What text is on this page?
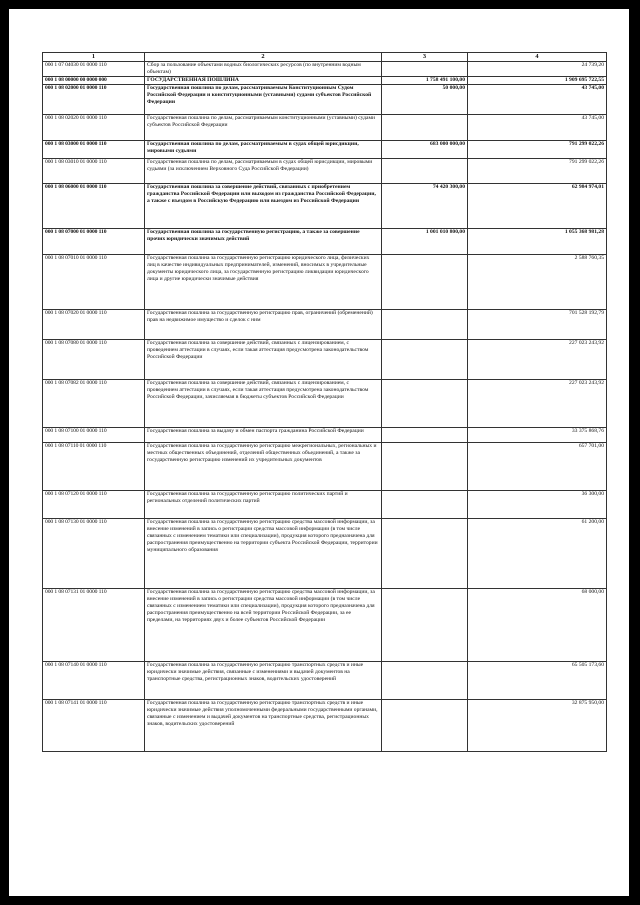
1	2	3	4
000 1 07 04030 01 0000 110	Сбор за пользование объектами водных биологических ресурсов (по внутренним водным объектам)		24 739,20
000 1 08 00000 00 0000 000	ГОСУДАРСТВЕННАЯ ПОШЛИНА	1 758 491 100,00	1 909 695 722,55
000 1 08 02000 01 0000 110	Государственная пошлина по делам, рассматриваемым Конституционным Судом Российской Федерации и конституционными (уставными) судами субъектов Российской Федерации	50 000,00	43 745,00
000 1 08 02020 01 0000 110	Государственная пошлина по делам, рассматриваемым конституционными (уставными) судами субъектов Российской Федерации		43 745,00
000 1 08 03000 01 0000 110	Государственная пошлина по делам, рассматриваемым в судах общей юрисдикции, мировыми судьями	683 000 000,00	791 299 022,26
000 1 08 03010 01 0000 110	Государственная пошлина по делам, рассматриваемым в судах общей юрисдикции, мировыми судьями (за исключением Верховного Суда Российской Федерации)		791 299 022,26
000 1 08 06000 01 0000 110	Государственная пошлина за совершение действий, связанных с приобретением гражданства Российской Федерации или выходом из гражданства Российской Федерации, а также с въездом в Российскую Федерацию или выездом из Российской Федерации	74 420 300,00	62 984 974,01
000 1 08 07000 01 0000 110	Государственная пошлина за государственную регистрацию, а также за совершение прочих юридически значимых действий	1 001 010 800,00	1 055 368 981,28
000 1 08 07010 01 0000 110	Государственная пошлина за государственную регистрацию юридического лица, физических лиц в качестве индивидуальных предпринимателей, изменений, вносимых в учредительные документы юридического лица, за государственную регистрацию ликвидации юридического лица и другие юридически значимые действия		2 588 760,35
000 1 08 07020 01 0000 110	Государственная пошлина за государственную регистрацию прав, ограничений (обременений) прав на недвижимое имущество и сделок с ним		701 528 192,79
000 1 08 07080 01 0000 110	Государственная пошлина за совершение действий, связанных с лицензированием, с проведением аттестации в случаях, если такая аттестация предусмотрена законодательством Российской Федерации		227 023 243,92
000 1 08 07082 01 0000 110	Государственная пошлина за совершение действий, связанных с лицензированием, с проведением аттестации в случаях, если такая аттестация предусмотрена законодательством Российской Федерации, зачисляемая в бюджеты субъектов Российской Федерации		227 023 243,92
000 1 08 07100 01 0000 110	Государственная пошлина за выдачу и обмен паспорта гражданина Российской Федерации		33 375 868,76
000 1 08 07110 01 0000 110	Государственная пошлина за государственную регистрацию межрегиональных, региональных и местных общественных объединений, отделений общественных объединений, а также за государственную регистрацию изменений их учредительных документов		657 701,00
000 1 08 07120 01 0000 110	Государственная пошлина за государственную регистрацию политических партий и региональных отделений политических партий		36 300,00
000 1 08 07130 01 0000 110	Государственная пошлина за государственную регистрацию средства массовой информации, за внесение изменений в запись о регистрации средства массовой информации (в том числе связанных с изменением тематики или специализации), продукция которого предназначена для распространения преимущественно на территории субъекта Российской Федерации, территории муниципального образования		61 200,00
000 1 08 07131 01 0000 110	Государственная пошлина за государственную регистрацию средства массовой информации, за внесение изменений в запись о регистрации средства массовой информации (в том числе связанных с изменением тематики или специализации), продукция которого предназначена для распространения преимущественно на всей территории Российской Федерации, за ее пределами, на территориях двух и более субъектов Российской Федерации		68 000,00
000 1 08 07140 01 0000 110	Государственная пошлина за государственную регистрацию транспортных средств и иные юридически значимые действия, связанные с изменениями и выдачей документов на транспортные средства, регистрационных знаков, водительских удостоверений		65 505 173,60
000 1 08 07141 01 0000 110	Государственная пошлина за государственную регистрацию транспортных средств и иные юридически значимые действия уполномоченными федеральными государственными органами, связанные с изменением и выдачей документов на транспортные средства, регистрационных знаков, водительских удостоверений		32 875 950,00
